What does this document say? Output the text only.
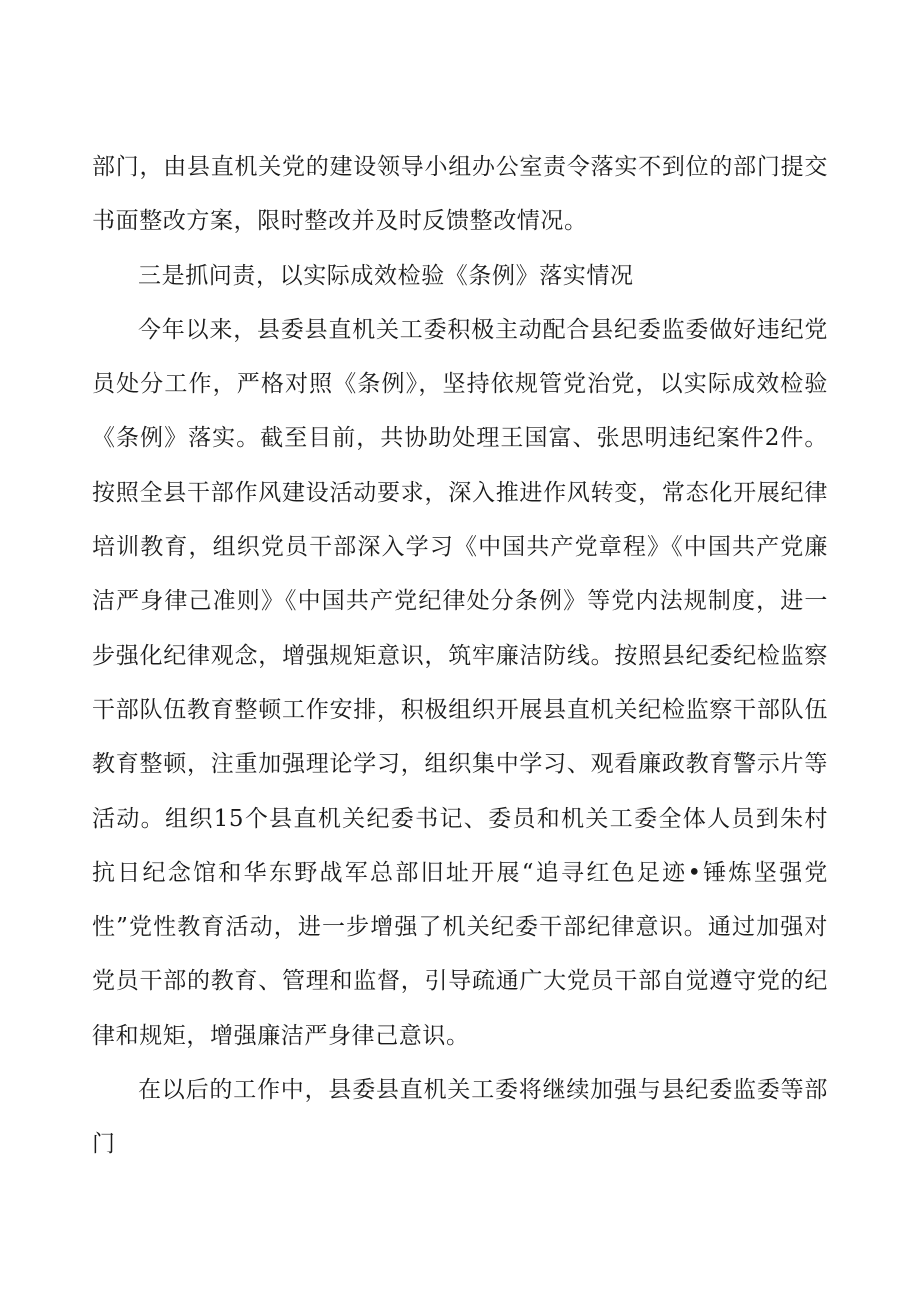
部门，由县直机关党的建设领导小组办公室责令落实不到位的部门提交书面整改方案，限时整改并及时反馈整改情况。

三是抓问责，以实际成效检验《条例》落实情况

今年以来，县委县直机关工委积极主动配合县纪委监委做好违纪党员处分工作，严格对照《条例》，坚持依规管党治党，以实际成效检验《条例》落实。截至目前，共协助处理王国富、张思明违纪案件2件。按照全县干部作风建设活动要求，深入推进作风转变，常态化开展纪律培训教育，组织党员干部深入学习《中国共产党章程》《中国共产党廉洁严身律己准则》《中国共产党纪律处分条例》等党内法规制度，进一步强化纪律观念，增强规矩意识，筑牢廉洁防线。按照县纪委纪检监察干部队伍教育整顿工作安排，积极组织开展县直机关纪检监察干部队伍教育整顿，注重加强理论学习，组织集中学习、观看廉政教育警示片等活动。组织15个县直机关纪委书记、委员和机关工委全体人员到朱村抗日纪念馆和华东野战军总部旧址开展“追寻红色足迹•锤炼坚强党性”党性教育活动，进一步增强了机关纪委干部纪律意识。通过加强对党员干部的教育、管理和监督，引导疏通广大党员干部自觉遵守党的纪律和规矩，增强廉洁严身律己意识。

在以后的工作中，县委县直机关工委将继续加强与县纪委监委等部门
